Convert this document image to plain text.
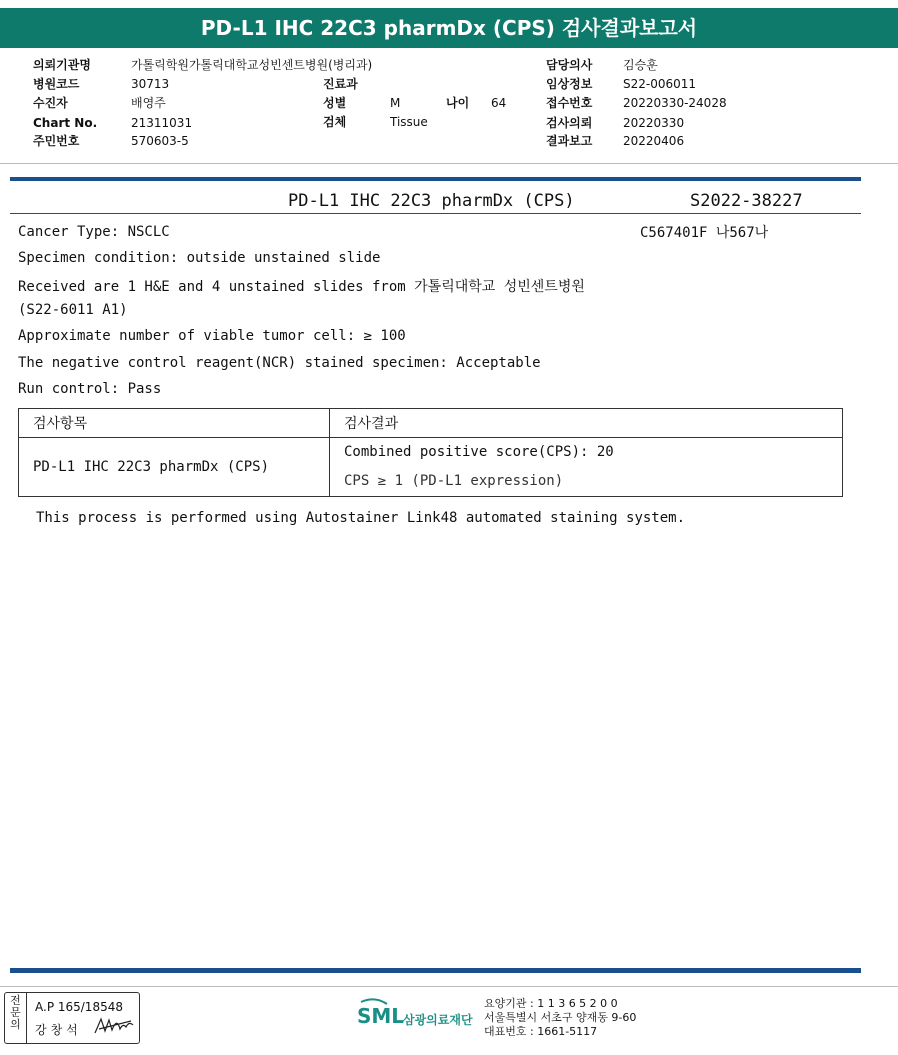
PD-L1 IHC 22C3 pharmDx (CPS) 검사결과보고서
의뢰기관명	가톨릭학원가톨릭대학교성빈센트병원(병리과)
병원코드	30713
수진자	배영주
Chart No.	21311031
주민번호	570603-5
진료과
성별	M	나이 64
검체	Tissue
담당의사	김승훈
임상정보	S22-006011
접수번호	20220330-24028
검사의뢰	20220330
결과보고	20220406
PD-L1 IHC 22C3 pharmDx (CPS)	S2022-38227
C567401F 나567나
Cancer Type: NSCLC
Specimen condition: outside unstained slide
Received are 1 H&E and 4 unstained slides from 가톨릭대학교 성빈센트병원
(S22-6011 A1)
Approximate number of viable tumor cell: ≥ 100
The negative control reagent(NCR) stained specimen: Acceptable
Run control: Pass
검사항목	검사결과
PD-L1 IHC 22C3 pharmDx (CPS)	Combined positive score(CPS): 20
CPS ≥ 1 (PD-L1 expression)
This process is performed using Autostainer Link48 automated staining system.
전문의
A.P 165/18548
강창석
SML
삼광의료재단
요양기관 : 1 1 3 6 5 2 0 0
서울특별시 서초구 양재동 9-60
대표번호 : 1661-5117
